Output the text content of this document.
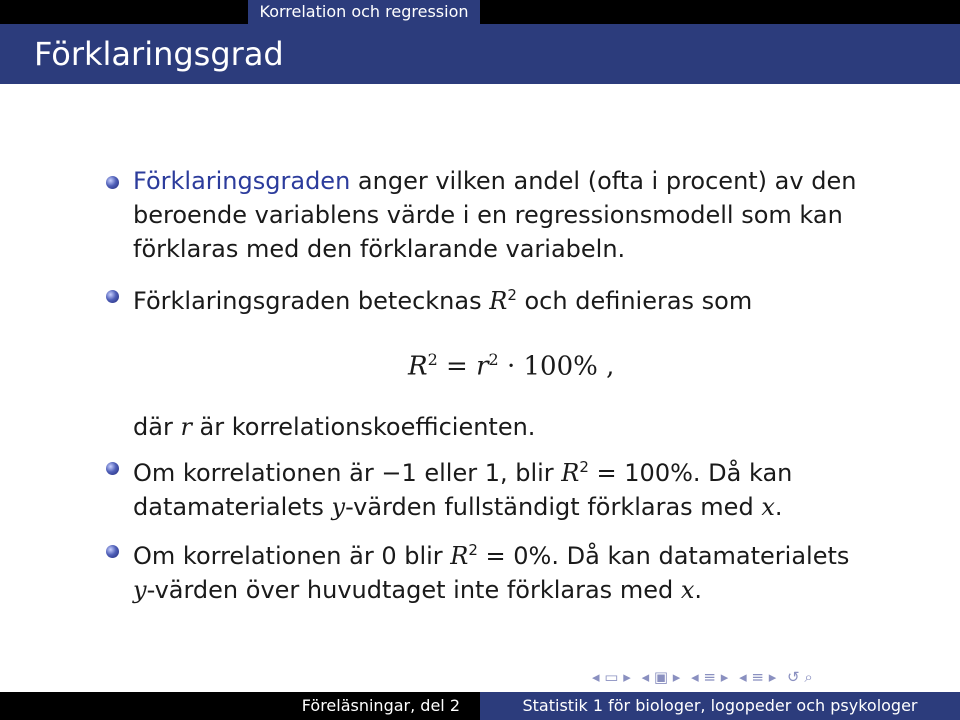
Korrelation och regression
Förklaringsgrad
Förklaringsgraden anger vilken andel (ofta i procent) av den
beroende variablens värde i en regressionsmodell som kan
förklaras med den förklarande variabeln.
Förklaringsgraden betecknas $R^2$ och definieras som
$R^2 = r^2 \cdot 100\%$ ,
där r är korrelationskoefficienten.
Om korrelationen är −1 eller 1, blir $R^2 = 100\%$. Då kan
datamaterialets y-värden fullständigt förklaras med x.
Om korrelationen är 0 blir $R^2 = 0\%$. Då kan datamaterialets
y-värden över huvudtaget inte förklaras med x.
◂ ▭ ▸ ◂ ▣ ▸ ◂ ≡ ▸ ◂ ≡ ▸ ↺ ⌕
Föreläsningar, del 2	Statistik 1 för biologer, logopeder och psykologer
